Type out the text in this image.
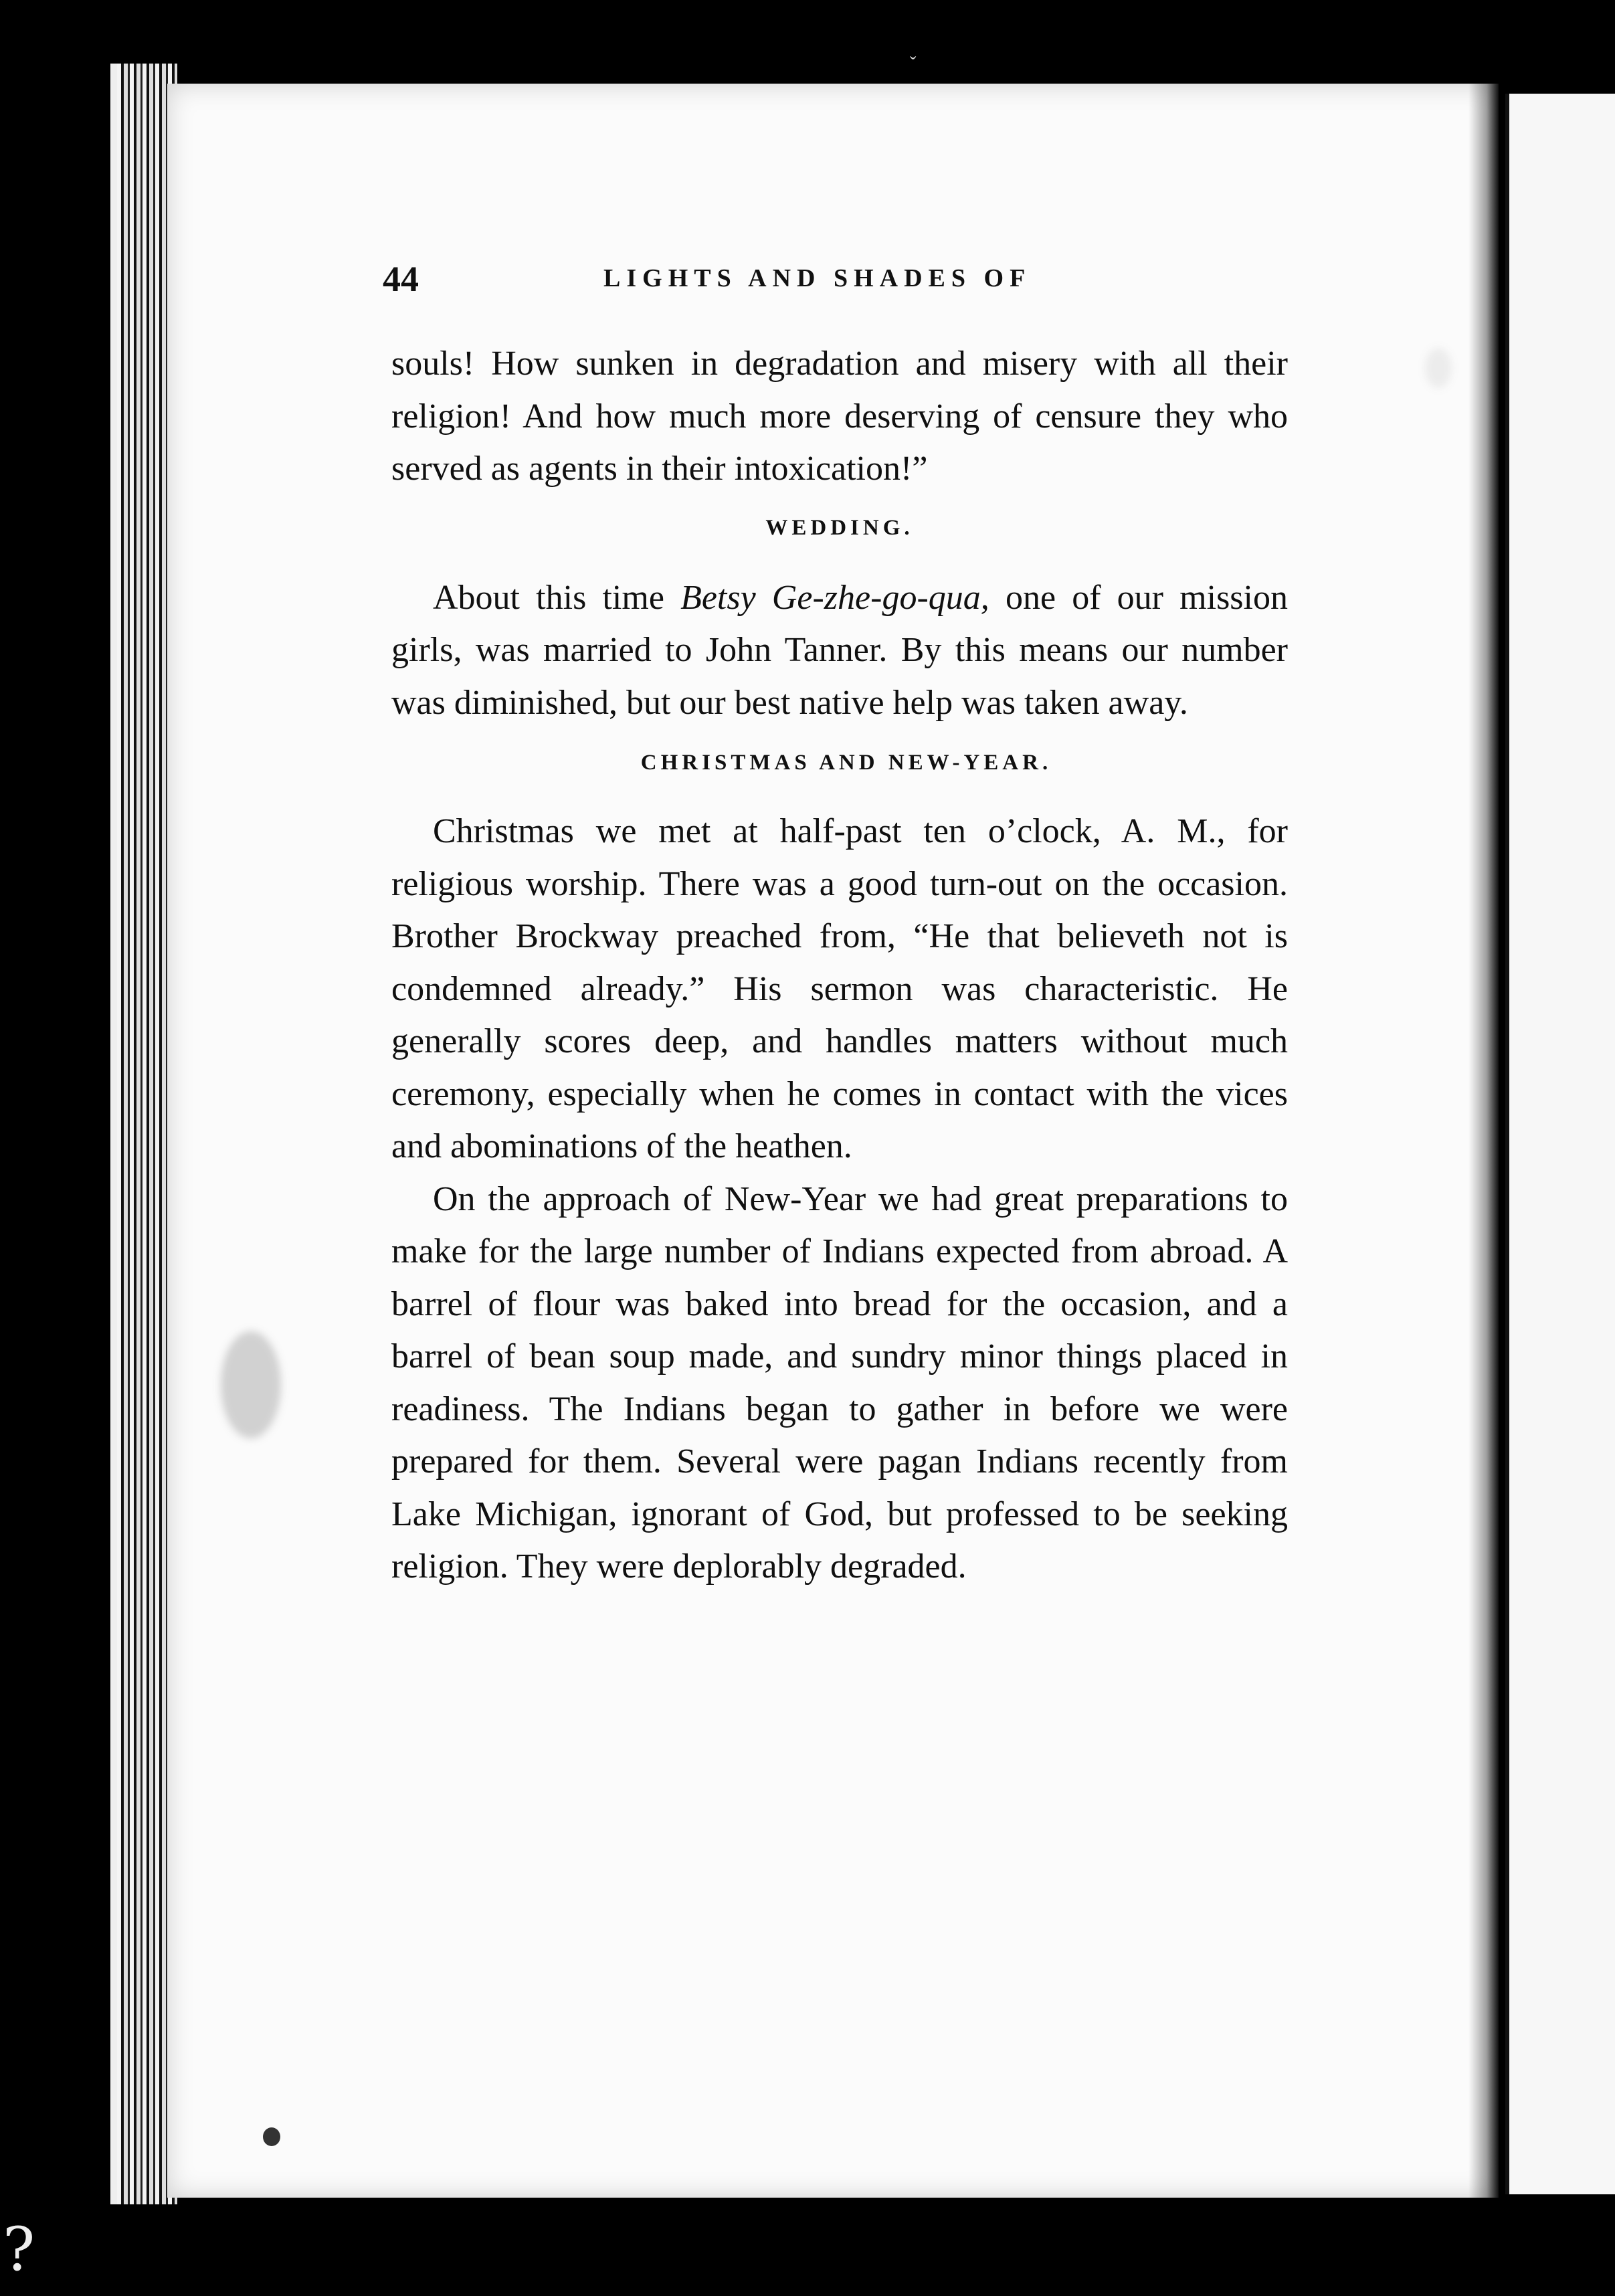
ˇ
44	LIGHTS AND SHADES OF

souls! How sunken in degradation and misery with all their religion! And how much more deserving of censure they who served as agents in their intoxication!”

WEDDING.

About this time Betsy Ge-zhe-go-qua, one of our mission girls, was married to John Tanner. By this means our number was diminished, but our best native help was taken away.

CHRISTMAS AND NEW-YEAR.

Christmas we met at half-past ten o’clock, A. M., for religious worship. There was a good turn-out on the occasion. Brother Brockway preached from, “He that believeth not is condemned already.” His sermon was characteristic. He generally scores deep, and handles matters without much ceremony, especially when he comes in contact with the vices and abominations of the heathen.

On the approach of New-Year we had great preparations to make for the large number of Indians expected from abroad. A barrel of flour was baked into bread for the occasion, and a barrel of bean soup made, and sundry minor things placed in readiness. The Indians began to gather in before we were prepared for them. Several were pagan Indians recently from Lake Michigan, ignorant of God, but professed to be seeking religion. They were deplorably degraded.

?
